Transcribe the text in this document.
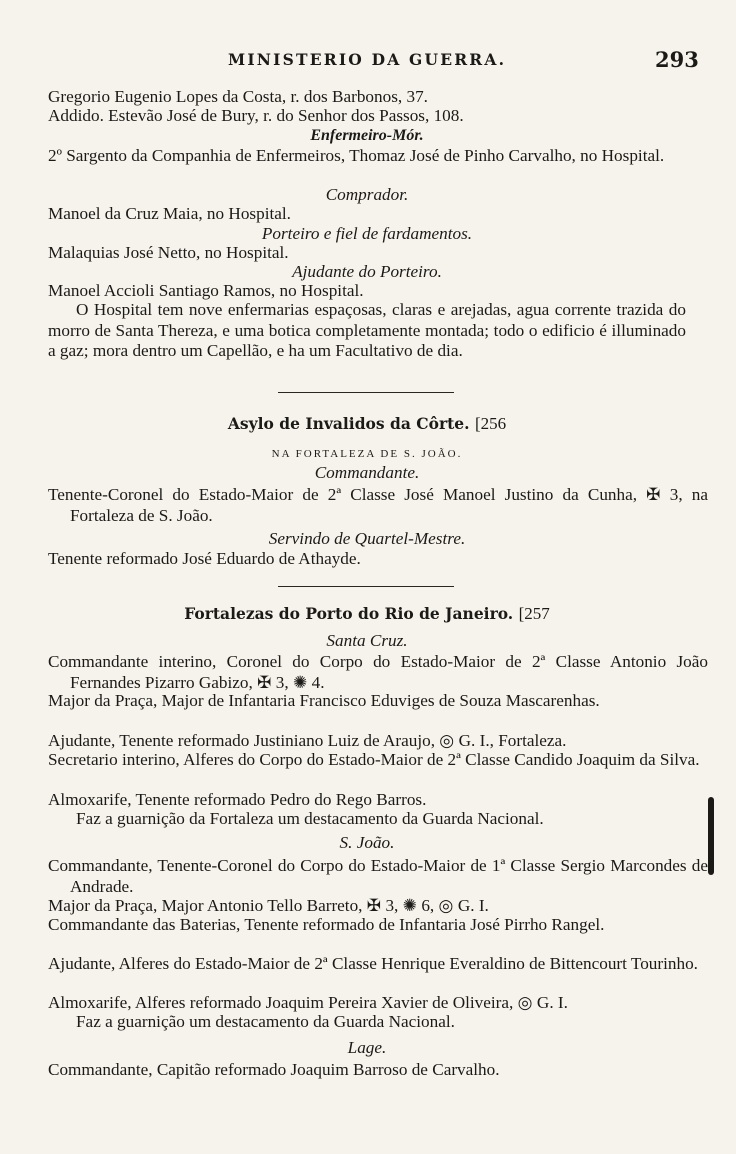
MINISTERIO DA GUERRA.	293
Gregorio Eugenio Lopes da Costa, r. dos Barbonos, 37.
Addido. Estevão José de Bury, r. do Senhor dos Passos, 108.
Enfermeiro-Mór.
2º Sargento da Companhia de Enfermeiros, Thomaz José de Pinho Carvalho, no Hospital.
Comprador.
Manoel da Cruz Maia, no Hospital.
Porteiro e fiel de fardamentos.
Malaquias José Netto, no Hospital.
Ajudante do Porteiro.
Manoel Accioli Santiago Ramos, no Hospital.
O Hospital tem nove enfermarias espaçosas, claras e arejadas, agua corrente trazida do morro de Santa Thereza, e uma botica completamente montada; todo o edificio é illuminado a gaz; mora dentro um Capellão, e ha um Facultativo de dia.
Asylo de Invalidos da Côrte. [256
NA FORTALEZA DE S. JOÃO.
Commandante.
Tenente-Coronel do Estado-Maior de 2ª Classe José Manoel Justino da Cunha, ✠ 3, na Fortaleza de S. João.
Servindo de Quartel-Mestre.
Tenente reformado José Eduardo de Athayde.
Fortalezas do Porto do Rio de Janeiro. [257
Santa Cruz.
Commandante interino, Coronel do Corpo do Estado-Maior de 2ª Classe Antonio João Fernandes Pizarro Gabizo, ✠ 3, ✺ 4.
Major da Praça, Major de Infantaria Francisco Eduviges de Souza Mascarenhas.
Ajudante, Tenente reformado Justiniano Luiz de Araujo, ◎ G. I., Fortaleza.
Secretario interino, Alferes do Corpo do Estado-Maior de 2ª Classe Candido Joaquim da Silva.
Almoxarife, Tenente reformado Pedro do Rego Barros.
Faz a guarnição da Fortaleza um destacamento da Guarda Nacional.
S. João.
Commandante, Tenente-Coronel do Corpo do Estado-Maior de 1ª Classe Sergio Marcondes de Andrade.
Major da Praça, Major Antonio Tello Barreto, ✠ 3, ✺ 6, ◎ G. I.
Commandante das Baterias, Tenente reformado de Infantaria José Pirrho Rangel.
Ajudante, Alferes do Estado-Maior de 2ª Classe Henrique Everaldino de Bittencourt Tourinho.
Almoxarife, Alferes reformado Joaquim Pereira Xavier de Oliveira, ◎ G. I.
Faz a guarnição um destacamento da Guarda Nacional.
Lage.
Commandante, Capitão reformado Joaquim Barroso de Carvalho.
